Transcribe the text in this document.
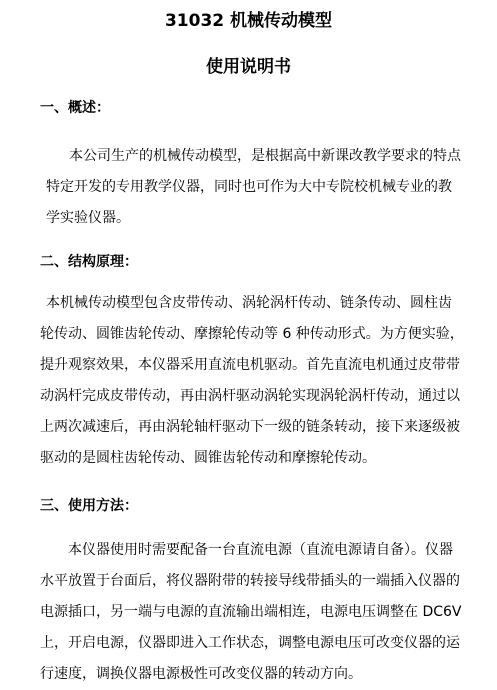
31032 机械传动模型
使用说明书
一、概述：
本公司生产的机械传动模型，是根据高中新课改教学要求的特点
特定开发的专用教学仪器，同时也可作为大中专院校机械专业的教
学实验仪器。
二、结构原理：
本机械传动模型包含皮带传动、涡轮涡杆传动、链条传动、圆柱齿
轮传动、圆锥齿轮传动、摩擦轮传动等 6 种传动形式。为方便实验，
提升观察效果，本仪器采用直流电机驱动。首先直流电机通过皮带带
动涡杆完成皮带传动，再由涡杆驱动涡轮实现涡轮涡杆传动，通过以
上两次减速后，再由涡轮轴杆驱动下一级的链条转动，接下来逐级被
驱动的是圆柱齿轮传动、圆锥齿轮传动和摩擦轮传动。
三、使用方法：
本仪器使用时需要配备一台直流电源（直流电源请自备）。仪器
水平放置于台面后，将仪器附带的转接导线带插头的一端插入仪器的
电源插口，另一端与电源的直流输出端相连，电源电压调整在 DC6V
上，开启电源，仪器即进入工作状态，调整电源电压可改变仪器的运
行速度，调换仪器电源极性可改变仪器的转动方向。
